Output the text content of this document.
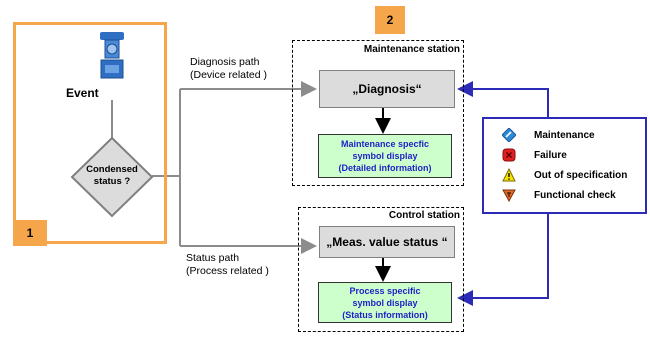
Event
Condensed
status ?
1
2
Diagnosis path
(Device related )
Status path
(Process related )
Maintenance station
„Diagnosis“
Maintenance specfic
symbol display
(Detailed information)
Control station
„Meas. value status “
Process specific
symbol display
(Status information)
Maintenance
Failure
Out of specification
Functional check
